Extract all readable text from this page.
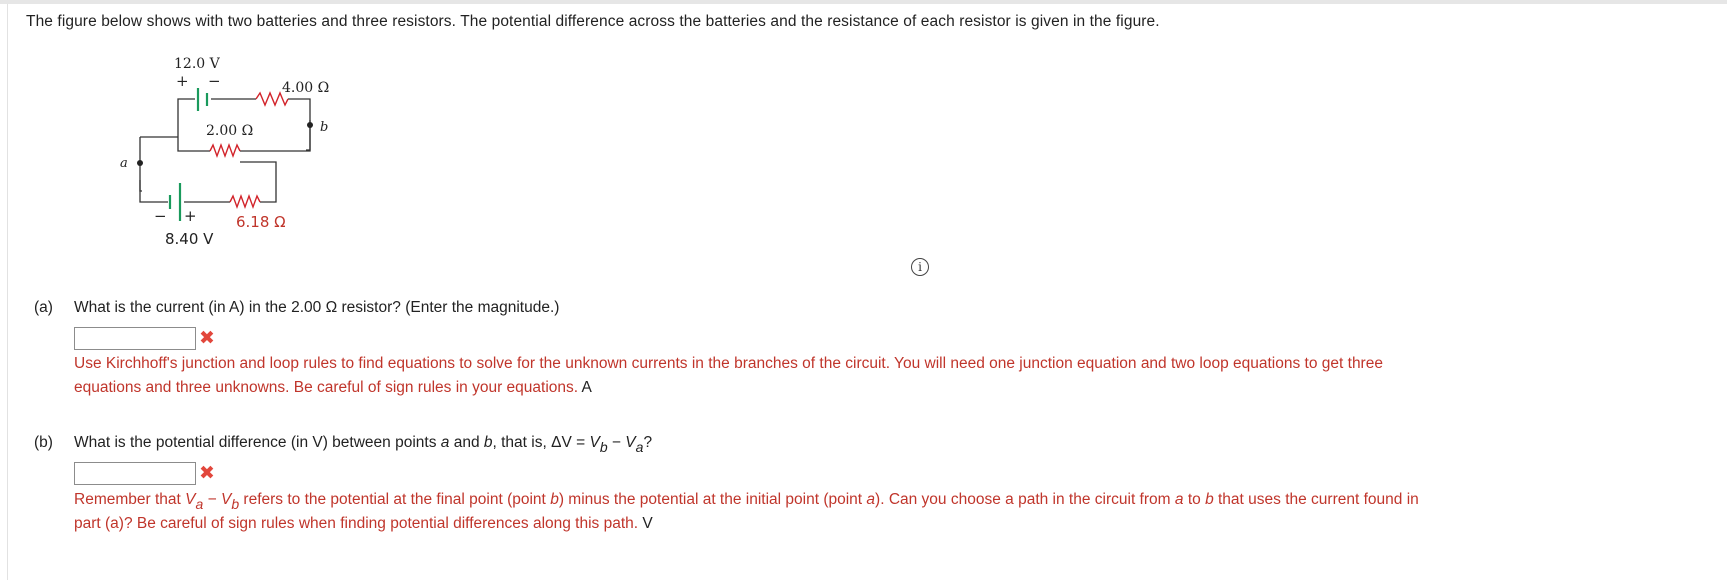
The figure below shows with two batteries and three resistors. The potential difference across the batteries and the resistance of each resistor is given in the figure.
12.0 V
+ −	4.00 Ω
2.00 Ω	b
a
− +	6.18 Ω
8.40 V
i
(a) What is the current (in A) in the 2.00 Ω resistor? (Enter the magnitude.)
✖
Use Kirchhoff's junction and loop rules to find equations to solve for the unknown currents in the branches of the circuit. You will need one junction equation and two loop equations to get three
equations and three unknowns. Be careful of sign rules in your equations. A
(b) What is the potential difference (in V) between points a and b, that is, $\Delta V = V_b - V_a$?
✖
Remember that $V_a - V_b$ refers to the potential at the final point (point b) minus the potential at the initial point (point a). Can you choose a path in the circuit from a to b that uses the current found in
part (a)? Be careful of sign rules when finding potential differences along this path. V
